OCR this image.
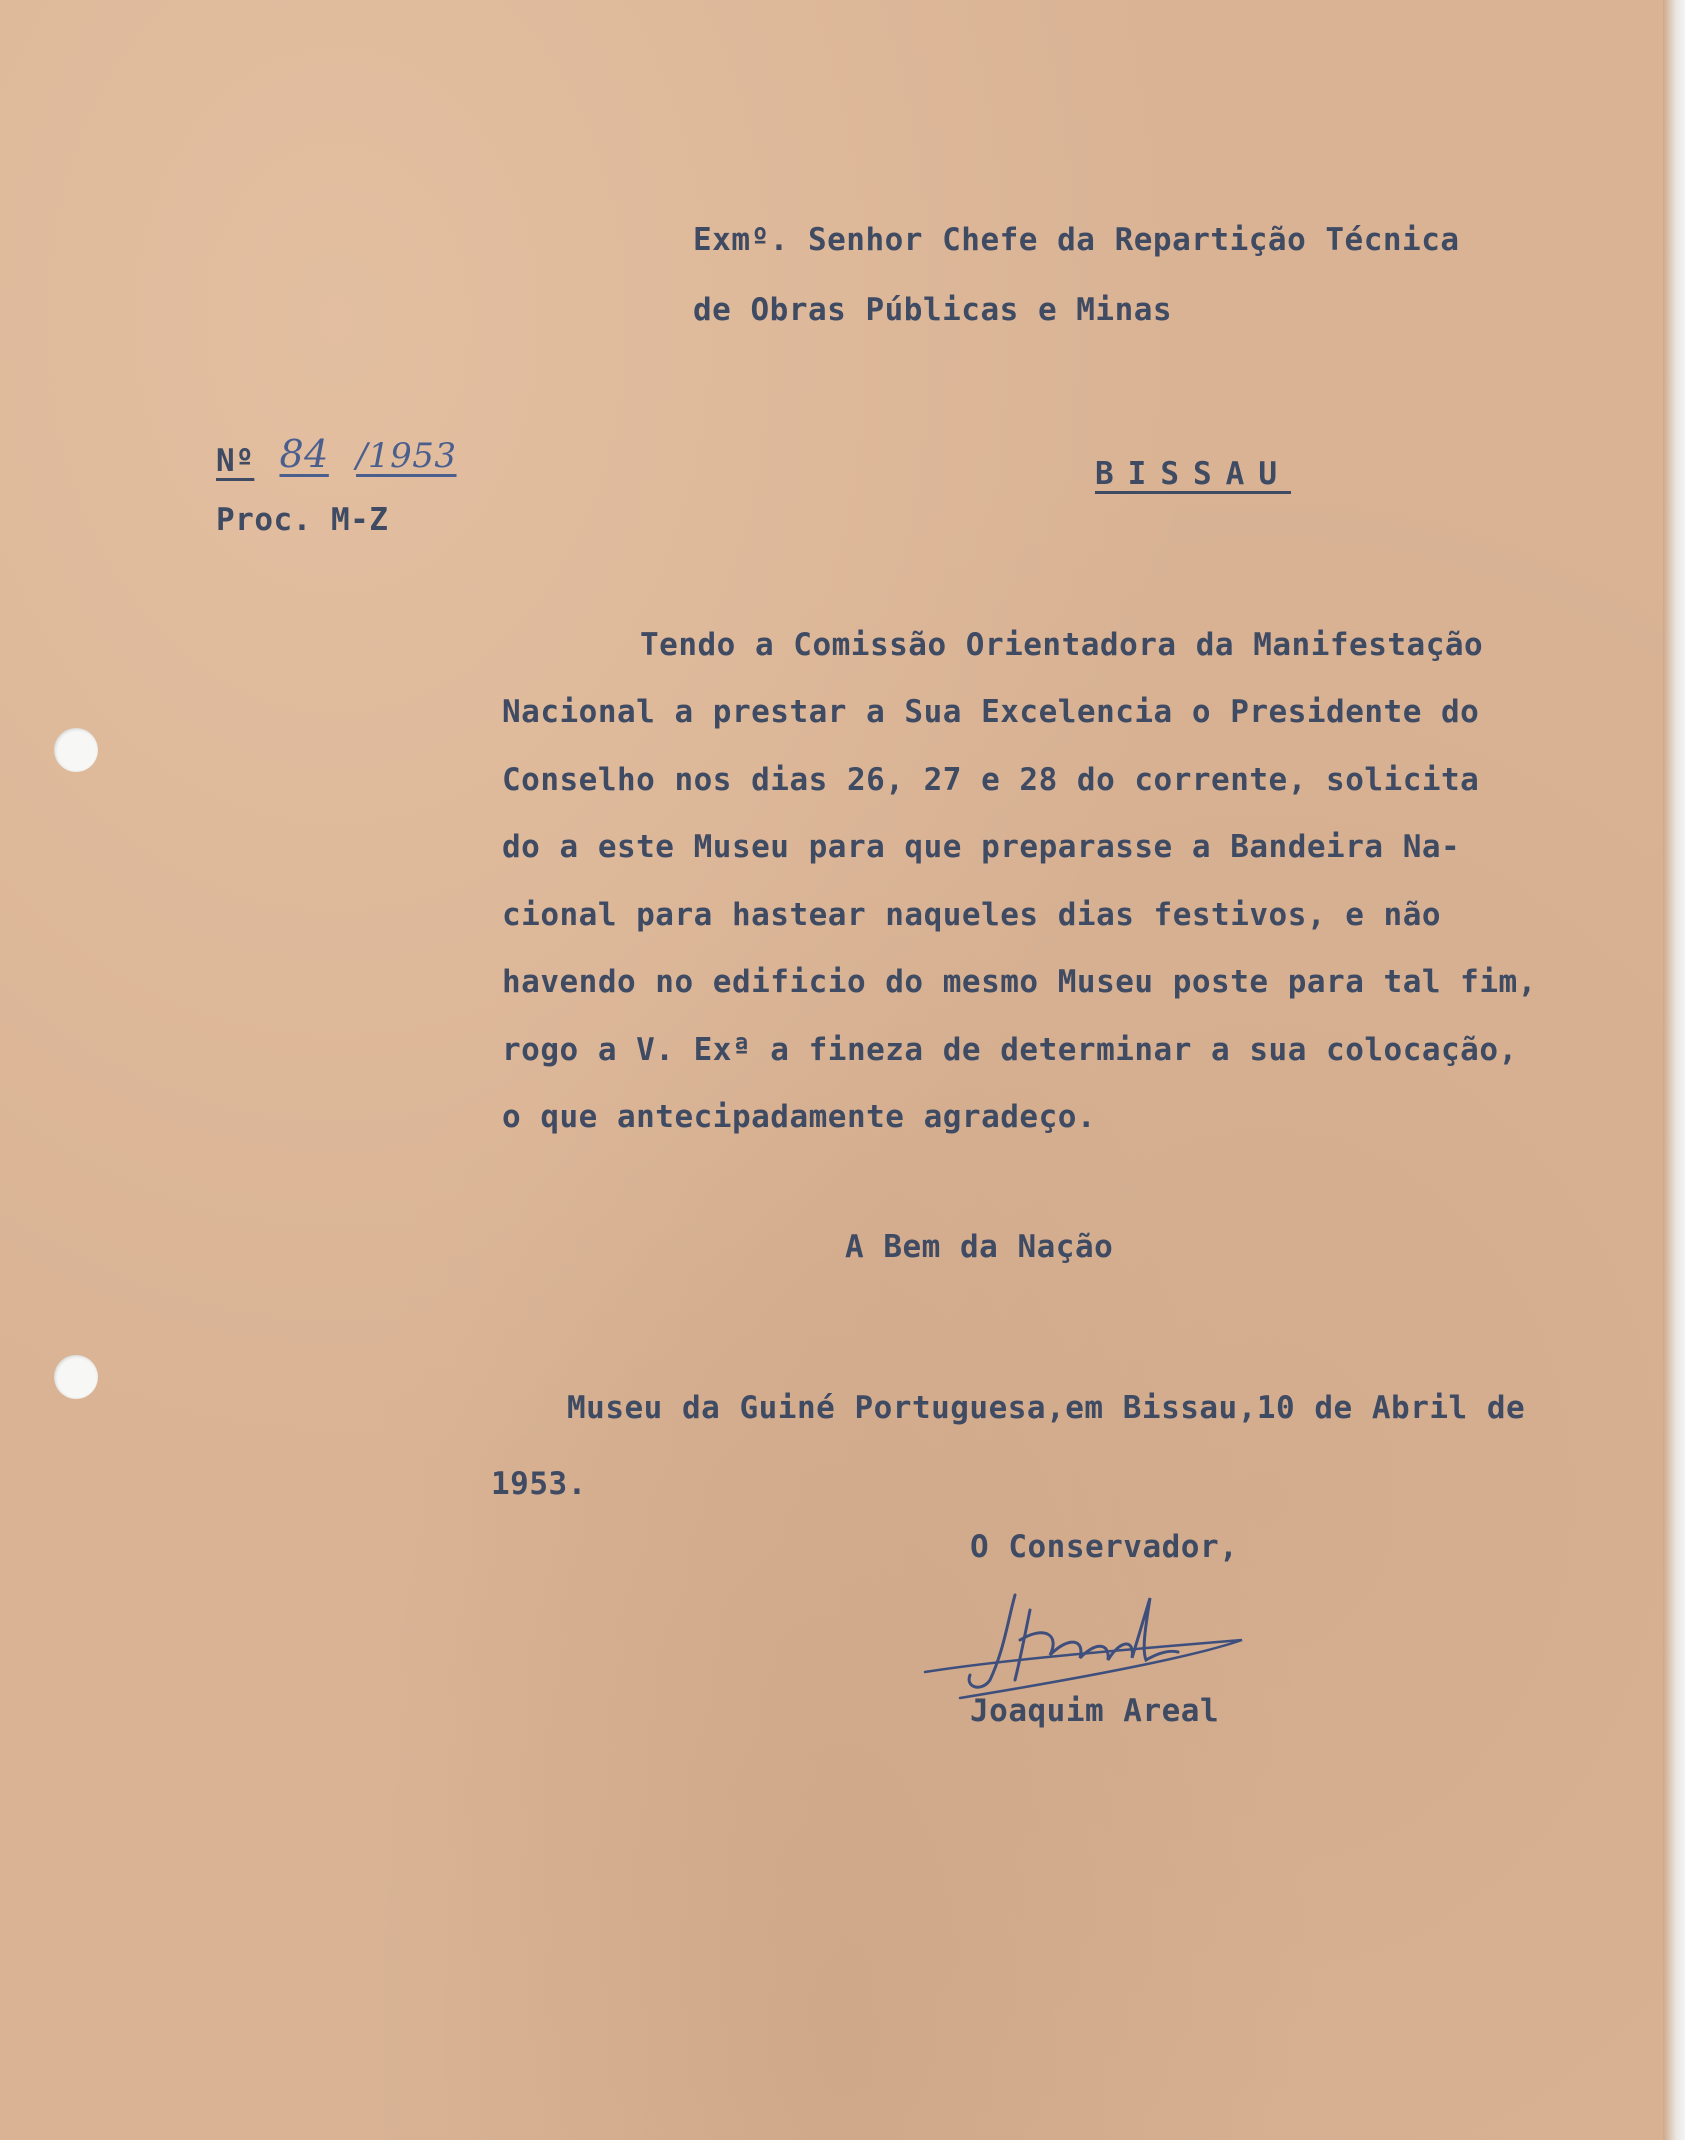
Exmº. Senhor Chefe da Repartição Técnica
de Obras Públicas e Minas
Nº 84 /1953
Proc. M-Z
BISSAU
Tendo a Comissão Orientadora da Manifestação
Nacional a prestar a Sua Excelencia o Presidente do
Conselho nos dias 26, 27 e 28 do corrente, solicita
do a este Museu para que preparasse a Bandeira Na-
cional para hastear naqueles dias festivos, e não
havendo no edificio do mesmo Museu poste para tal fim,
rogo a V. Exª a fineza de determinar a sua colocação,
o que antecipadamente agradeço.
A Bem da Nação
Museu da Guiné Portuguesa,em Bissau,10 de Abril de
1953.
O Conservador,
Joaquim Areal
